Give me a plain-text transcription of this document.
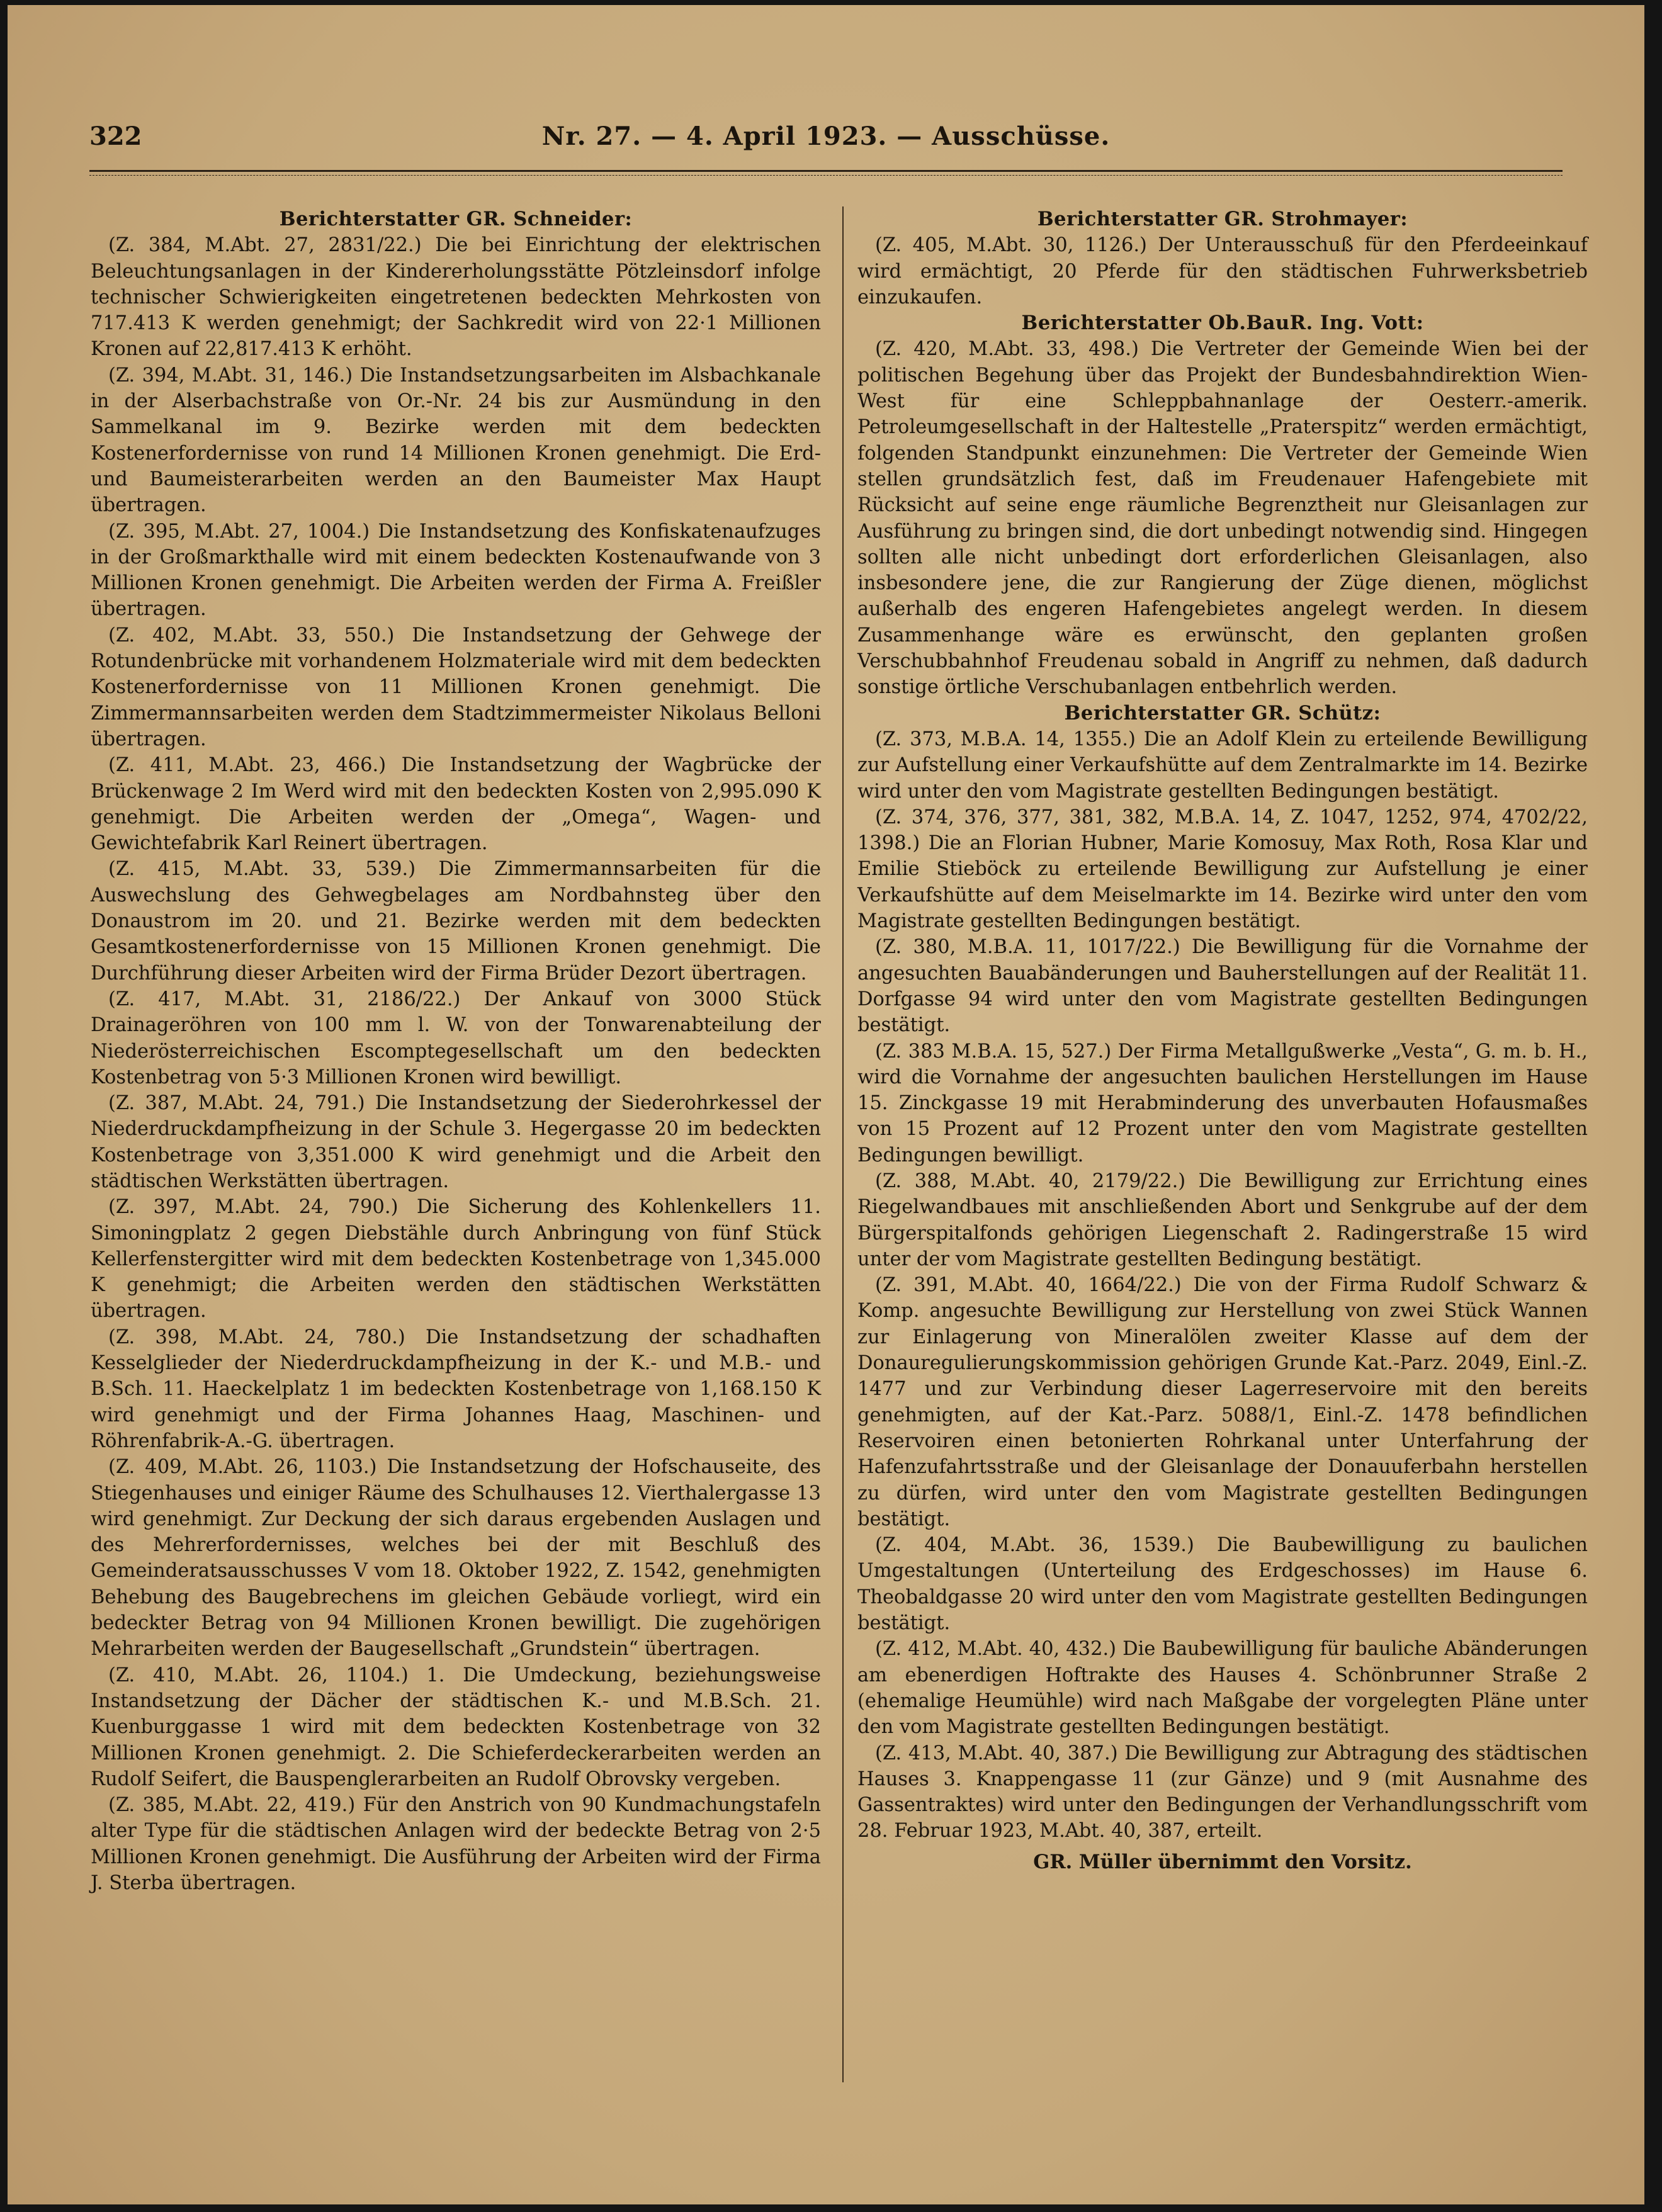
322	Nr. 27. — 4. April 1923. — Ausschüsse.

Berichterstatter GR. Schneider:

(Z. 384, M.Abt. 27, 2831/22.) Die bei Einrichtung der elektrischen Beleuchtungsanlagen in der Kindererholungsstätte Pötzleinsdorf infolge technischer Schwierigkeiten eingetretenen bedeckten Mehrkosten von 717.413 K werden genehmigt; der Sachkredit wird von 22·1 Millionen Kronen auf 22,817.413 K erhöht.

(Z. 394, M.Abt. 31, 146.) Die Instandsetzungsarbeiten im Alsbachkanale in der Alserbachstraße von Or.-Nr. 24 bis zur Ausmündung in den Sammelkanal im 9. Bezirke werden mit dem bedeckten Kostenerfordernisse von rund 14 Millionen Kronen genehmigt. Die Erd- und Baumeisterarbeiten werden an den Baumeister Max Haupt übertragen.

(Z. 395, M.Abt. 27, 1004.) Die Instandsetzung des Konfiskatenaufzuges in der Großmarkthalle wird mit einem bedeckten Kostenaufwande von 3 Millionen Kronen genehmigt. Die Arbeiten werden der Firma A. Freißler übertragen.

(Z. 402, M.Abt. 33, 550.) Die Instandsetzung der Gehwege der Rotundenbrücke mit vorhandenem Holzmateriale wird mit dem bedeckten Kostenerfordernisse von 11 Millionen Kronen genehmigt. Die Zimmermannsarbeiten werden dem Stadtzimmermeister Nikolaus Belloni übertragen.

(Z. 411, M.Abt. 23, 466.) Die Instandsetzung der Wagbrücke der Brückenwage 2 Im Werd wird mit den bedeckten Kosten von 2,995.090 K genehmigt. Die Arbeiten werden der „Omega“, Wagen- und Gewichtefabrik Karl Reinert übertragen.

(Z. 415, M.Abt. 33, 539.) Die Zimmermannsarbeiten für die Auswechslung des Gehwegbelages am Nordbahnsteg über den Donaustrom im 20. und 21. Bezirke werden mit dem bedeckten Gesamtkostenerfordernisse von 15 Millionen Kronen genehmigt. Die Durchführung dieser Arbeiten wird der Firma Brüder Dezort übertragen.

(Z. 417, M.Abt. 31, 2186/22.) Der Ankauf von 3000 Stück Drainageröhren von 100 mm l. W. von der Tonwarenabteilung der Niederösterreichischen Escomptegesellschaft um den bedeckten Kostenbetrag von 5·3 Millionen Kronen wird bewilligt.

(Z. 387, M.Abt. 24, 791.) Die Instandsetzung der Siederohrkessel der Niederdruckdampfheizung in der Schule 3. Hegergasse 20 im bedeckten Kostenbetrage von 3,351.000 K wird genehmigt und die Arbeit den städtischen Werkstätten übertragen.

(Z. 397, M.Abt. 24, 790.) Die Sicherung des Kohlenkellers 11. Simoningplatz 2 gegen Diebstähle durch Anbringung von fünf Stück Kellerfenstergitter wird mit dem bedeckten Kostenbetrage von 1,345.000 K genehmigt; die Arbeiten werden den städtischen Werkstätten übertragen.

(Z. 398, M.Abt. 24, 780.) Die Instandsetzung der schadhaften Kesselglieder der Niederdruckdampfheizung in der K.- und M.B.- und B.Sch. 11. Haeckelplatz 1 im bedeckten Kostenbetrage von 1,168.150 K wird genehmigt und der Firma Johannes Haag, Maschinen- und Röhrenfabrik-A.-G. übertragen.

(Z. 409, M.Abt. 26, 1103.) Die Instandsetzung der Hofschauseite, des Stiegenhauses und einiger Räume des Schulhauses 12. Vierthalergasse 13 wird genehmigt. Zur Deckung der sich daraus ergebenden Auslagen und des Mehrerfordernisses, welches bei der mit Beschluß des Gemeinderatsausschusses V vom 18. Oktober 1922, Z. 1542, genehmigten Behebung des Baugebrechens im gleichen Gebäude vorliegt, wird ein bedeckter Betrag von 94 Millionen Kronen bewilligt. Die zugehörigen Mehrarbeiten werden der Baugesellschaft „Grundstein“ übertragen.

(Z. 410, M.Abt. 26, 1104.) 1. Die Umdeckung, beziehungsweise Instandsetzung der Dächer der städtischen K.- und M.B.Sch. 21. Kuenburggasse 1 wird mit dem bedeckten Kostenbetrage von 32 Millionen Kronen genehmigt. 2. Die Schieferdeckerarbeiten werden an Rudolf Seifert, die Bauspenglerarbeiten an Rudolf Obrovsky vergeben.

(Z. 385, M.Abt. 22, 419.) Für den Anstrich von 90 Kundmachungstafeln alter Type für die städtischen Anlagen wird der bedeckte Betrag von 2·5 Millionen Kronen genehmigt. Die Ausführung der Arbeiten wird der Firma J. Sterba übertragen.

Berichterstatter GR. Strohmayer:

(Z. 405, M.Abt. 30, 1126.) Der Unterausschuß für den Pferdeeinkauf wird ermächtigt, 20 Pferde für den städtischen Fuhrwerksbetrieb einzukaufen.

Berichterstatter Ob.BauR. Ing. Vott:

(Z. 420, M.Abt. 33, 498.) Die Vertreter der Gemeinde Wien bei der politischen Begehung über das Projekt der Bundesbahndirektion Wien-West für eine Schleppbahnanlage der Oesterr.-amerik. Petroleumgesellschaft in der Haltestelle „Praterspitz“ werden ermächtigt, folgenden Standpunkt einzunehmen: Die Vertreter der Gemeinde Wien stellen grundsätzlich fest, daß im Freudenauer Hafengebiete mit Rücksicht auf seine enge räumliche Begrenztheit nur Gleisanlagen zur Ausführung zu bringen sind, die dort unbedingt notwendig sind. Hingegen sollten alle nicht unbedingt dort erforderlichen Gleisanlagen, also insbesondere jene, die zur Rangierung der Züge dienen, möglichst außerhalb des engeren Hafengebietes angelegt werden. In diesem Zusammenhange wäre es erwünscht, den geplanten großen Verschubbahnhof Freudenau sobald in Angriff zu nehmen, daß dadurch sonstige örtliche Verschubanlagen entbehrlich werden.

Berichterstatter GR. Schütz:

(Z. 373, M.B.A. 14, 1355.) Die an Adolf Klein zu erteilende Bewilligung zur Aufstellung einer Verkaufshütte auf dem Zentralmarkte im 14. Bezirke wird unter den vom Magistrate gestellten Bedingungen bestätigt.

(Z. 374, 376, 377, 381, 382, M.B.A. 14, Z. 1047, 1252, 974, 4702/22, 1398.) Die an Florian Hubner, Marie Komosuy, Max Roth, Rosa Klar und Emilie Stieböck zu erteilende Bewilligung zur Aufstellung je einer Verkaufshütte auf dem Meiselmarkte im 14. Bezirke wird unter den vom Magistrate gestellten Bedingungen bestätigt.

(Z. 380, M.B.A. 11, 1017/22.) Die Bewilligung für die Vornahme der angesuchten Bauabänderungen und Bauherstellungen auf der Realität 11. Dorfgasse 94 wird unter den vom Magistrate gestellten Bedingungen bestätigt.

(Z. 383 M.B.A. 15, 527.) Der Firma Metallgußwerke „Vesta“, G. m. b. H., wird die Vornahme der angesuchten baulichen Herstellungen im Hause 15. Zinckgasse 19 mit Herabminderung des unverbauten Hofausmaßes von 15 Prozent auf 12 Prozent unter den vom Magistrate gestellten Bedingungen bewilligt.

(Z. 388, M.Abt. 40, 2179/22.) Die Bewilligung zur Errichtung eines Riegelwandbaues mit anschließenden Abort und Senkgrube auf der dem Bürgerspitalfonds gehörigen Liegenschaft 2. Radingerstraße 15 wird unter der vom Magistrate gestellten Bedingung bestätigt.

(Z. 391, M.Abt. 40, 1664/22.) Die von der Firma Rudolf Schwarz & Komp. angesuchte Bewilligung zur Herstellung von zwei Stück Wannen zur Einlagerung von Mineralölen zweiter Klasse auf dem der Donauregulierungskommission gehörigen Grunde Kat.-Parz. 2049, Einl.-Z. 1477 und zur Verbindung dieser Lagerreservoire mit den bereits genehmigten, auf der Kat.-Parz. 5088/1, Einl.-Z. 1478 befindlichen Reservoiren einen betonierten Rohrkanal unter Unterfahrung der Hafenzufahrtsstraße und der Gleisanlage der Donauuferbahn herstellen zu dürfen, wird unter den vom Magistrate gestellten Bedingungen bestätigt.

(Z. 404, M.Abt. 36, 1539.) Die Baubewilligung zu baulichen Umgestaltungen (Unterteilung des Erdgeschosses) im Hause 6. Theobaldgasse 20 wird unter den vom Magistrate gestellten Bedingungen bestätigt.

(Z. 412, M.Abt. 40, 432.) Die Baubewilligung für bauliche Abänderungen am ebenerdigen Hoftrakte des Hauses 4. Schönbrunner Straße 2 (ehemalige Heumühle) wird nach Maßgabe der vorgelegten Pläne unter den vom Magistrate gestellten Bedingungen bestätigt.

(Z. 413, M.Abt. 40, 387.) Die Bewilligung zur Abtragung des städtischen Hauses 3. Knappengasse 11 (zur Gänze) und 9 (mit Ausnahme des Gassentraktes) wird unter den Bedingungen der Verhandlungsschrift vom 28. Februar 1923, M.Abt. 40, 387, erteilt.

GR. Müller übernimmt den Vorsitz.
